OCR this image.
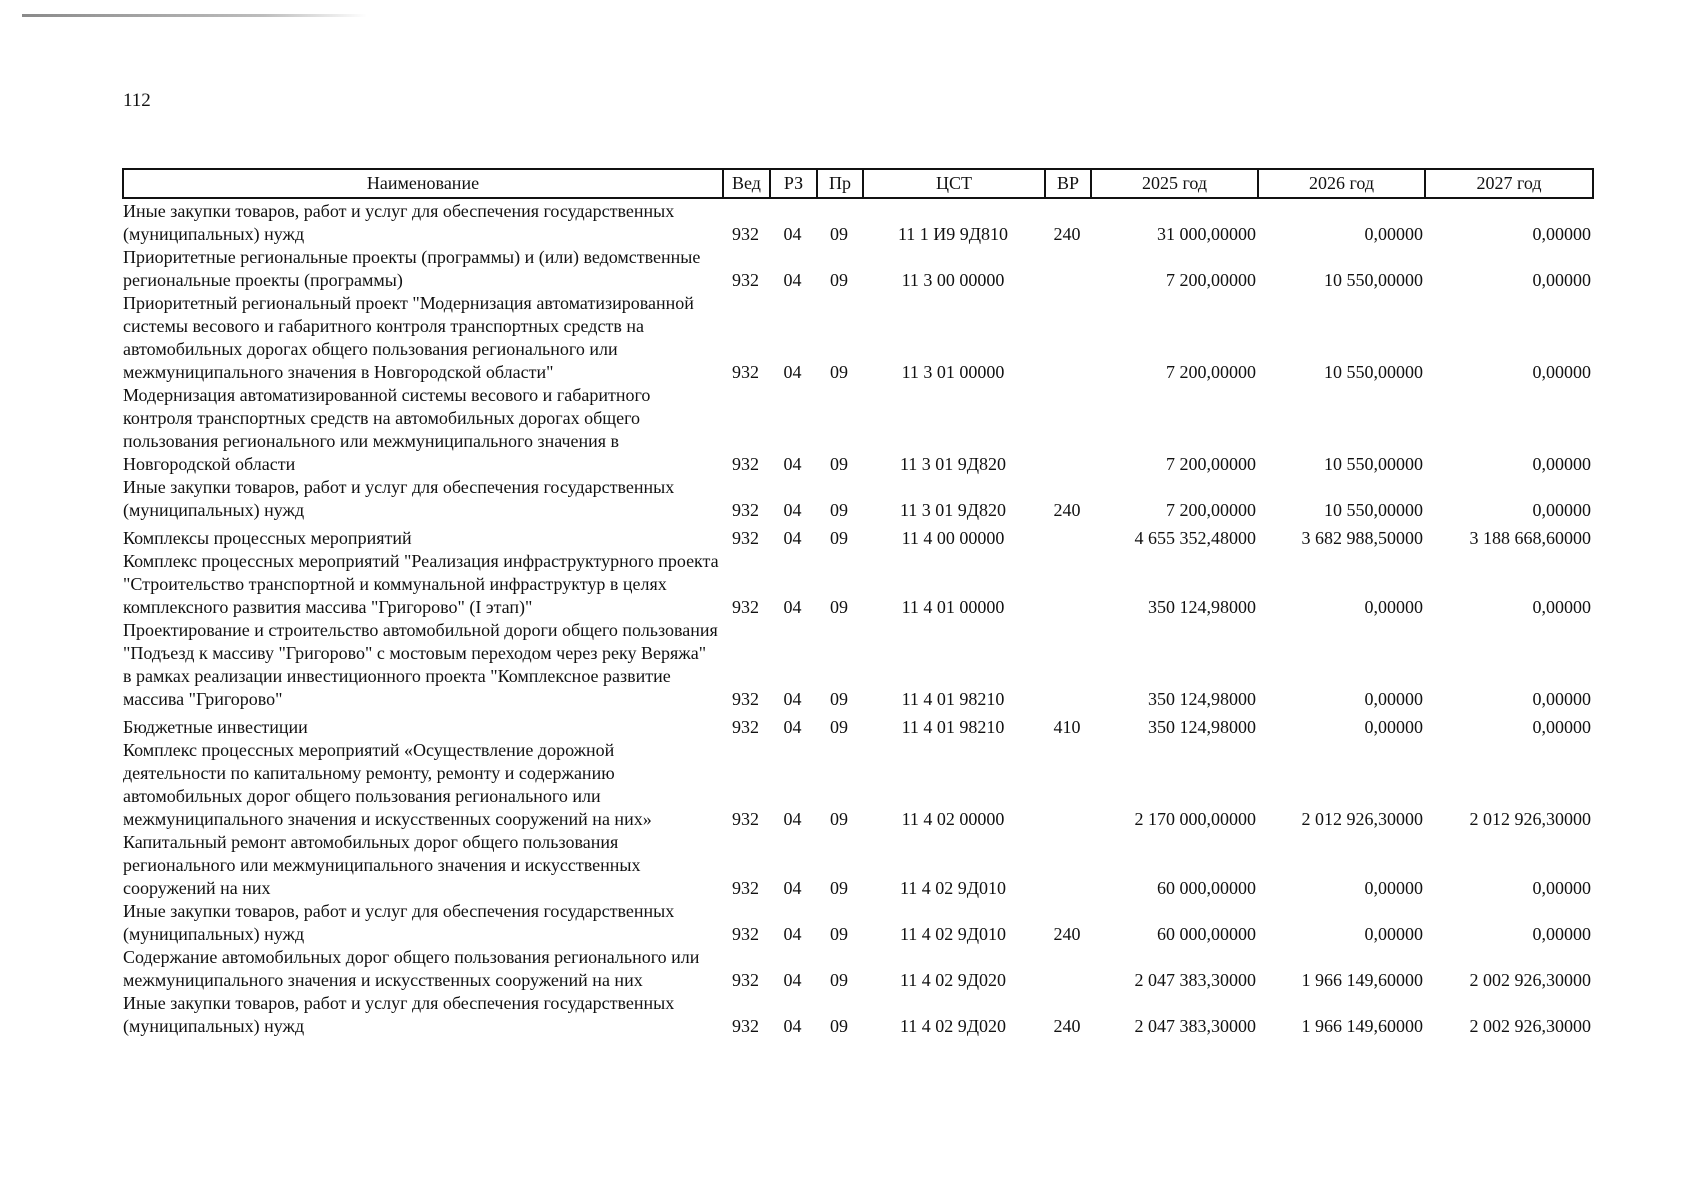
112
Наименование	Вед	РЗ	Пр	ЦСТ	ВР	2025 год	2026 год	2027 год
Иные закупки товаров, работ и услуг для обеспечения государственных (муниципальных) нужд	932	04	09	11 1 И9 9Д810	240	31 000,00000	0,00000	0,00000
Приоритетные региональные проекты (программы) и (или) ведомственные региональные проекты (программы)	932	04	09	11 3 00 00000		7 200,00000	10 550,00000	0,00000
Приоритетный региональный проект "Модернизация автоматизированной системы весового и габаритного контроля транспортных средств на автомобильных дорогах общего пользования регионального или межмуниципального значения в Новгородской области"	932	04	09	11 3 01 00000		7 200,00000	10 550,00000	0,00000
Модернизация автоматизированной системы весового и габаритного контроля транспортных средств на автомобильных дорогах общего пользования регионального или межмуниципального значения в Новгородской области	932	04	09	11 3 01 9Д820		7 200,00000	10 550,00000	0,00000
Иные закупки товаров, работ и услуг для обеспечения государственных (муниципальных) нужд	932	04	09	11 3 01 9Д820	240	7 200,00000	10 550,00000	0,00000
Комплексы процессных мероприятий	932	04	09	11 4 00 00000		4 655 352,48000	3 682 988,50000	3 188 668,60000
Комплекс процессных мероприятий "Реализация инфраструктурного проекта "Строительство транспортной и коммунальной инфраструктур в целях комплексного развития массива "Григорово" (I этап)"	932	04	09	11 4 01 00000		350 124,98000	0,00000	0,00000
Проектирование и строительство автомобильной дороги общего пользования "Подъезд к массиву "Григорово" с мостовым переходом через реку Веряжа" в рамках реализации инвестиционного проекта "Комплексное развитие массива "Григорово"	932	04	09	11 4 01 98210		350 124,98000	0,00000	0,00000
Бюджетные инвестиции	932	04	09	11 4 01 98210	410	350 124,98000	0,00000	0,00000
Комплекс процессных мероприятий «Осуществление дорожной деятельности по капитальному ремонту, ремонту и содержанию автомобильных дорог общего пользования регионального или межмуниципального значения и искусственных сооружений на них»	932	04	09	11 4 02 00000		2 170 000,00000	2 012 926,30000	2 012 926,30000
Капитальный ремонт автомобильных дорог общего пользования регионального или межмуниципального значения и искусственных сооружений на них	932	04	09	11 4 02 9Д010		60 000,00000	0,00000	0,00000
Иные закупки товаров, работ и услуг для обеспечения государственных (муниципальных) нужд	932	04	09	11 4 02 9Д010	240	60 000,00000	0,00000	0,00000
Содержание автомобильных дорог общего пользования регионального или межмуниципального значения и искусственных сооружений на них	932	04	09	11 4 02 9Д020		2 047 383,30000	1 966 149,60000	2 002 926,30000
Иные закупки товаров, работ и услуг для обеспечения государственных (муниципальных) нужд	932	04	09	11 4 02 9Д020	240	2 047 383,30000	1 966 149,60000	2 002 926,30000
